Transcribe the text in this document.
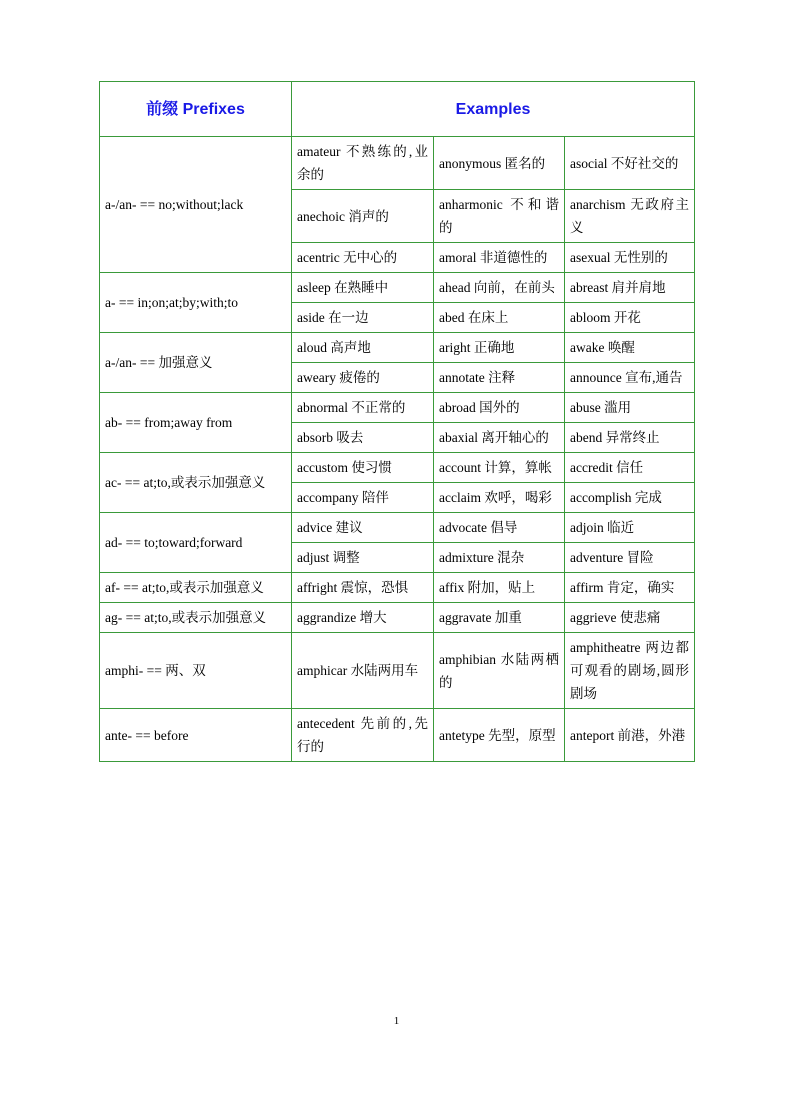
前缀 Prefixes	Examples		
a-/an- == no;without;lack	amateur 不熟练的,业余的	anonymous 匿名的	asocial 不好社交的
	anechoic 消声的	anharmonic 不和谐的	anarchism 无政府主义
	acentric 无中心的	amoral 非道德性的	asexual 无性别的
a- == in;on;at;by;with;to	asleep 在熟睡中	ahead 向前，在前头	abreast 肩并肩地
	aside 在一边	abed 在床上	abloom 开花
a-/an- == 加强意义	aloud 高声地	aright 正确地	awake 唤醒
	aweary 疲倦的	annotate 注释	announce 宣布,通告
ab- == from;away from	abnormal 不正常的	abroad 国外的	abuse 滥用
	absorb 吸去	abaxial 离开轴心的	abend 异常终止
ac- == at;to,或表示加强意义	accustom 使习惯	account 计算，算帐	accredit 信任
	accompany 陪伴	acclaim 欢呼，喝彩	accomplish 完成
ad- == to;toward;forward	advice 建议	advocate 倡导	adjoin 临近
	adjust 调整	admixture 混杂	adventure 冒险
af- == at;to,或表示加强意义	affright 震惊，恐惧	affix 附加，贴上	affirm 肯定，确实
ag- == at;to,或表示加强意义	aggrandize 增大	aggravate 加重	aggrieve 使悲痛
amphi- == 两、双	amphicar 水陆两用车	amphibian 水陆两栖的	amphitheatre 两边都可观看的剧场,圆形剧场
ante- == before	antecedent 先前的,先行的	antetype 先型，原型	anteport 前港，外港
1
